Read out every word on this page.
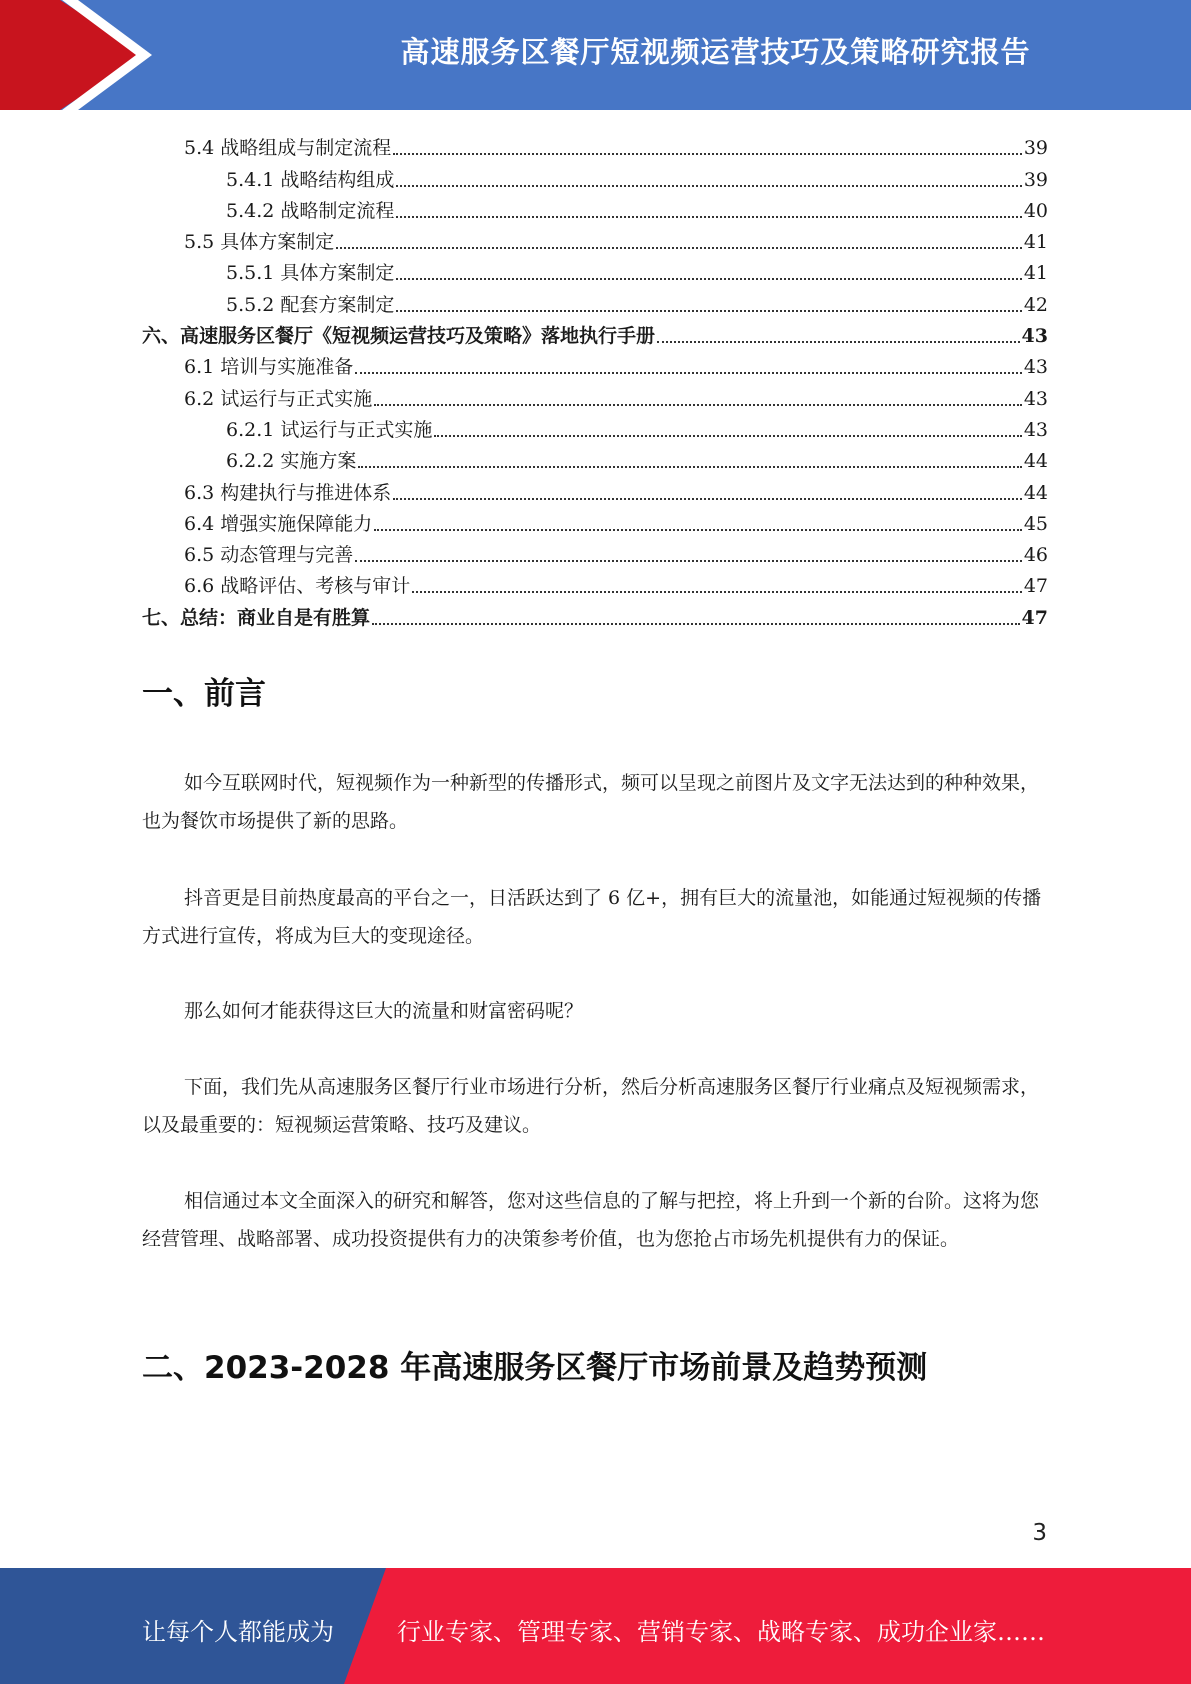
高速服务区餐厅短视频运营技巧及策略研究报告
5.4 战略组成与制定流程	39
5.4.1 战略结构组成	39
5.4.2 战略制定流程	40
5.5 具体方案制定	41
5.5.1 具体方案制定	41
5.5.2 配套方案制定	42
六、高速服务区餐厅《短视频运营技巧及策略》落地执行手册	43
6.1 培训与实施准备	43
6.2 试运行与正式实施	43
6.2.1 试运行与正式实施	43
6.2.2 实施方案	44
6.3 构建执行与推进体系	44
6.4 增强实施保障能力	45
6.5 动态管理与完善	46
6.6 战略评估、考核与审计	47
七、总结：商业自是有胜算	47
一、前言

如今互联网时代，短视频作为一种新型的传播形式，频可以呈现之前图片及文字无法达到的种种效果，也为餐饮市场提供了新的思路。

抖音更是目前热度最高的平台之一，日活跃达到了 6 亿+，拥有巨大的流量池，如能通过短视频的传播方式进行宣传，将成为巨大的变现途径。

那么如何才能获得这巨大的流量和财富密码呢？

下面，我们先从高速服务区餐厅行业市场进行分析，然后分析高速服务区餐厅行业痛点及短视频需求，以及最重要的：短视频运营策略、技巧及建议。

相信通过本文全面深入的研究和解答，您对这些信息的了解与把控，将上升到一个新的台阶。这将为您经营管理、战略部署、成功投资提供有力的决策参考价值，也为您抢占市场先机提供有力的保证。

二、2023-2028 年高速服务区餐厅市场前景及趋势预测
3
让每个人都能成为	行业专家、管理专家、营销专家、战略专家、成功企业家……
